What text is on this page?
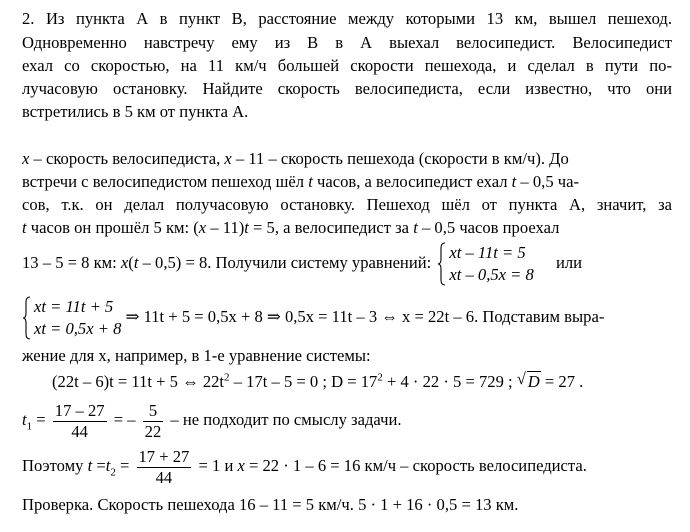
2. Из пункта А в пункт В, расстояние между которыми 13 км, вышел пешеход.
Одновременно навстречу ему из В в А выехал велосипедист. Велосипедист
ехал со скоростью, на 11 км/ч большей скорости пешехода, и сделал в пути по-
лучасовую остановку. Найдите скорость велосипедиста, если известно, что они
встретились в 5 км от пункта А.
x – скорость велосипедиста, x – 11 – скорость пешехода (скорости в км/ч). До
встречи с велосипедистом пешеход шёл t часов, а велосипедист ехал t – 0,5 ча-
сов, т.к. он делал получасовую остановку. Пешеход шёл от пункта А, значит, за
t часов он прошёл 5 км: (x – 11)t = 5, а велосипедист за t – 0,5 часов проехал
13 – 5 = 8 км: x(t – 0,5) = 8. Получили систему уравнений:
xt – 11t = 5
xt – 0,5x = 8
или
xt = 11t + 5
xt = 0,5x + 8
⇒ 11t + 5 = 0,5x + 8 ⇒ 0,5x = 11t – 3 ⇔ x = 22t – 6. Подставим выра-
жение для x, например, в 1-е уравнение системы:
(22t – 6)t = 11t + 5 ⇔ $22t^2 - 17t - 5 = 0$ ; $D = 17^2 + 4 \cdot 22 \cdot 5 = 729$ ; √ D = 27 .
$t_1 = \frac{17 - 27}{44}$ = – $\frac{5}{22}$ – не подходит по смыслу задачи.
Поэтому $t =t_2 = \frac{17 + 27}{44} = 1$ и x = 22 · 1 – 6 = 16 км/ч – скорость велосипедиста.
Проверка. Скорость пешехода 16 – 11 = 5 км/ч. 5 · 1 + 16 · 0,5 = 13 км.
